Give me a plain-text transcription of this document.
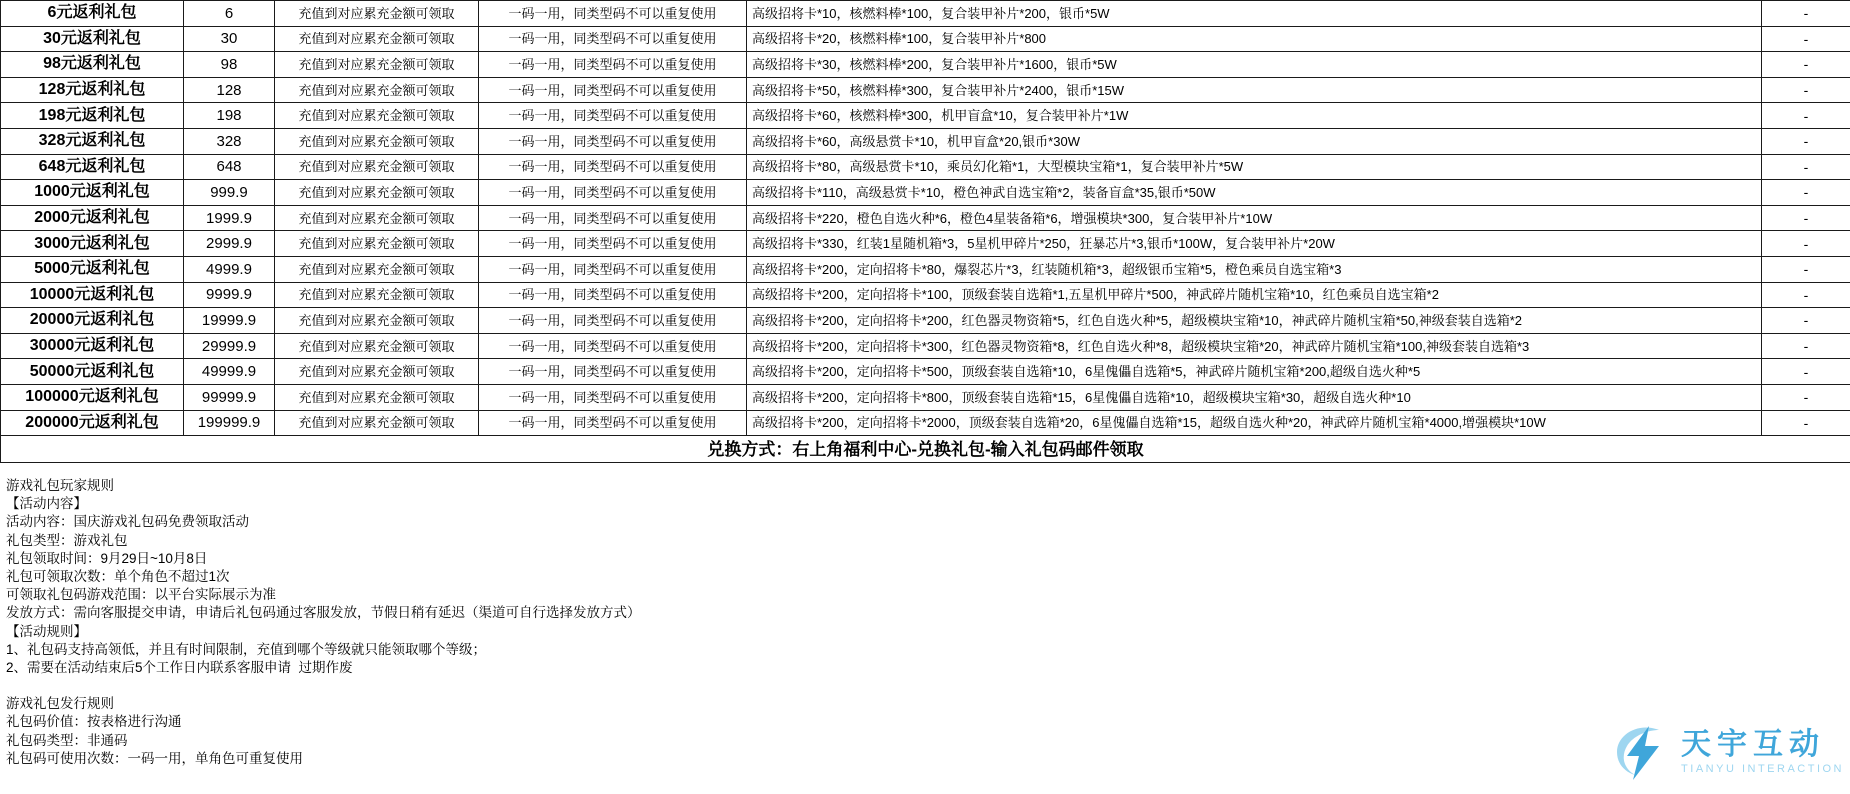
6元返利礼包	6	充值到对应累充金额可领取	一码一用，同类型码不可以重复使用	高级招将卡*10，核燃料棒*100，复合装甲补片*200，银币*5W	-
30元返利礼包	30	充值到对应累充金额可领取	一码一用，同类型码不可以重复使用	高级招将卡*20，核燃料棒*100，复合装甲补片*800	-
98元返利礼包	98	充值到对应累充金额可领取	一码一用，同类型码不可以重复使用	高级招将卡*30，核燃料棒*200，复合装甲补片*1600，银币*5W	-
128元返利礼包	128	充值到对应累充金额可领取	一码一用，同类型码不可以重复使用	高级招将卡*50，核燃料棒*300，复合装甲补片*2400，银币*15W	-
198元返利礼包	198	充值到对应累充金额可领取	一码一用，同类型码不可以重复使用	高级招将卡*60，核燃料棒*300，机甲盲盒*10，复合装甲补片*1W	-
328元返利礼包	328	充值到对应累充金额可领取	一码一用，同类型码不可以重复使用	高级招将卡*60，高级悬赏卡*10，机甲盲盒*20,银币*30W	-
648元返利礼包	648	充值到对应累充金额可领取	一码一用，同类型码不可以重复使用	高级招将卡*80，高级悬赏卡*10，乘员幻化箱*1，大型模块宝箱*1，复合装甲补片*5W	-
1000元返利礼包	999.9	充值到对应累充金额可领取	一码一用，同类型码不可以重复使用	高级招将卡*110，高级悬赏卡*10，橙色神武自选宝箱*2，装备盲盒*35,银币*50W	-
2000元返利礼包	1999.9	充值到对应累充金额可领取	一码一用，同类型码不可以重复使用	高级招将卡*220，橙色自选火种*6，橙色4星装备箱*6，增强模块*300，复合装甲补片*10W	-
3000元返利礼包	2999.9	充值到对应累充金额可领取	一码一用，同类型码不可以重复使用	高级招将卡*330，红装1星随机箱*3，5星机甲碎片*250，狂暴芯片*3,银币*100W，复合装甲补片*20W	-
5000元返利礼包	4999.9	充值到对应累充金额可领取	一码一用，同类型码不可以重复使用	高级招将卡*200，定向招将卡*80，爆裂芯片*3，红装随机箱*3，超级银币宝箱*5，橙色乘员自选宝箱*3	-
10000元返利礼包	9999.9	充值到对应累充金额可领取	一码一用，同类型码不可以重复使用	高级招将卡*200，定向招将卡*100，顶级套装自选箱*1,五星机甲碎片*500，神武碎片随机宝箱*10，红色乘员自选宝箱*2	-
20000元返利礼包	19999.9	充值到对应累充金额可领取	一码一用，同类型码不可以重复使用	高级招将卡*200，定向招将卡*200，红色器灵物资箱*5，红色自选火种*5，超级模块宝箱*10，神武碎片随机宝箱*50,神级套装自选箱*2	-
30000元返利礼包	29999.9	充值到对应累充金额可领取	一码一用，同类型码不可以重复使用	高级招将卡*200，定向招将卡*300，红色器灵物资箱*8，红色自选火种*8，超级模块宝箱*20，神武碎片随机宝箱*100,神级套装自选箱*3	-
50000元返利礼包	49999.9	充值到对应累充金额可领取	一码一用，同类型码不可以重复使用	高级招将卡*200，定向招将卡*500，顶级套装自选箱*10，6星傀儡自选箱*5，神武碎片随机宝箱*200,超级自选火种*5	-
100000元返利礼包	99999.9	充值到对应累充金额可领取	一码一用，同类型码不可以重复使用	高级招将卡*200，定向招将卡*800，顶级套装自选箱*15，6星傀儡自选箱*10，超级模块宝箱*30，超级自选火种*10	-
200000元返利礼包	199999.9	充值到对应累充金额可领取	一码一用，同类型码不可以重复使用	高级招将卡*200，定向招将卡*2000，顶级套装自选箱*20，6星傀儡自选箱*15，超级自选火种*20，神武碎片随机宝箱*4000,增强模块*10W	-
兑换方式：右上角福利中心-兑换礼包-输入礼包码邮件领取					
游戏礼包玩家规则
【活动内容】
活动内容：国庆游戏礼包码免费领取活动
礼包类型：游戏礼包
礼包领取时间：9月29日~10月8日
礼包可领取次数：单个角色不超过1次
可领取礼包码游戏范围：以平台实际展示为准
发放方式：需向客服提交申请，申请后礼包码通过客服发放，节假日稍有延迟（渠道可自行选择发放方式）
【活动规则】
1、礼包码支持高领低，并且有时间限制，充值到哪个等级就只能领取哪个等级；
2、需要在活动结束后5个工作日内联系客服申请  过期作废

游戏礼包发行规则
礼包码价值：按表格进行沟通
礼包码类型：非通码
礼包码可使用次数：一码一用，单角色可重复使用	天宇互动
TIANYU INTERACTION
